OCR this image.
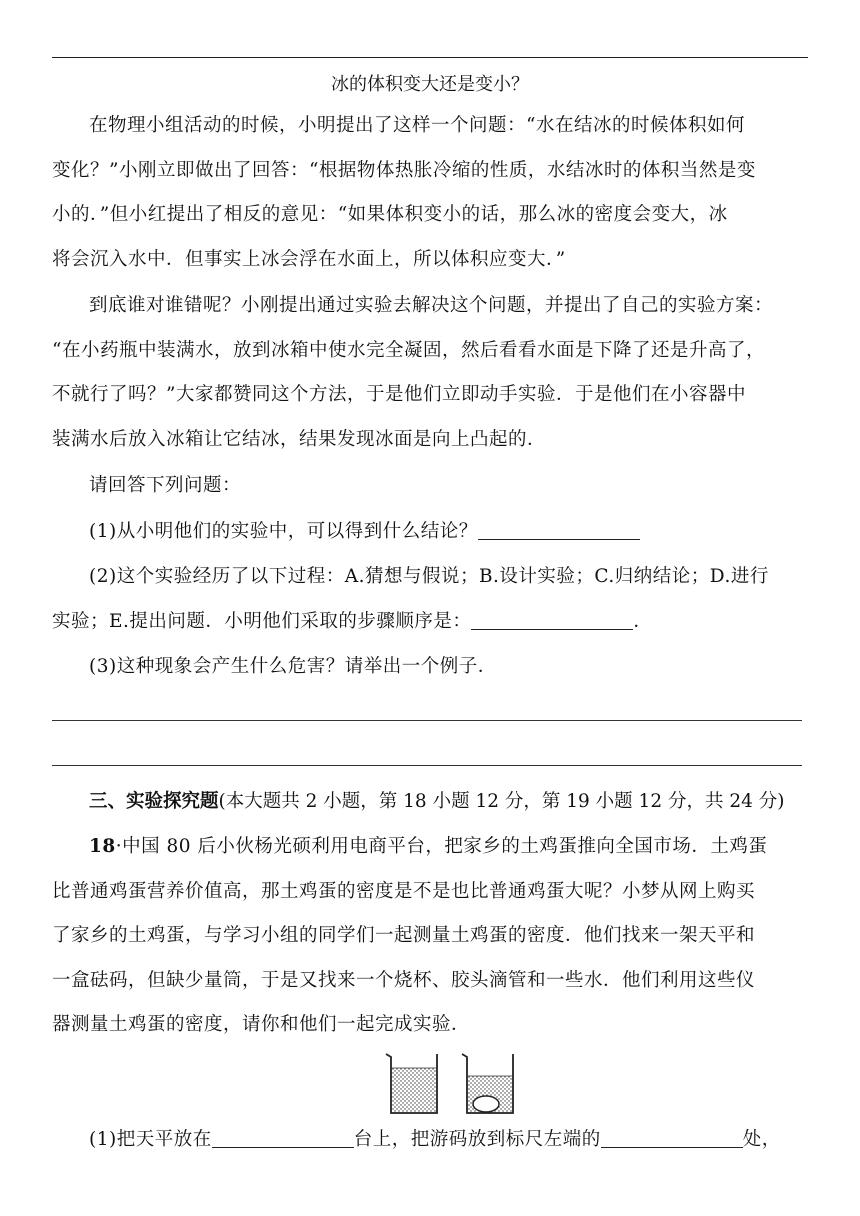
冰的体积变大还是变小？
在物理小组活动的时候，小明提出了这样一个问题：“水在结冰的时候体积如何
变化？”小刚立即做出了回答：“根据物体热胀冷缩的性质，水结冰时的体积当然是变
小的．”但小红提出了相反的意见：“如果体积变小的话，那么冰的密度会变大，冰
将会沉入水中．但事实上冰会浮在水面上，所以体积应变大．”
到底谁对谁错呢？小刚提出通过实验去解决这个问题，并提出了自己的实验方案：
“在小药瓶中装满水，放到冰箱中使水完全凝固，然后看看水面是下降了还是升高了，
不就行了吗？”大家都赞同这个方法，于是他们立即动手实验．于是他们在小容器中
装满水后放入冰箱让它结冰，结果发现冰面是向上凸起的．
请回答下列问题：
(1)从小明他们的实验中，可以得到什么结论？
(2)这个实验经历了以下过程：A.猜想与假说；B.设计实验；C.归纳结论；D.进行
实验；E.提出问题．小明他们采取的步骤顺序是：	．
(3)这种现象会产生什么危害？请举出一个例子．
三、实验探究题(本大题共 2 小题，第 18 小题 12 分，第 19 小题 12 分，共 24 分)
18·中国 80 后小伙杨光硕利用电商平台，把家乡的土鸡蛋推向全国市场．土鸡蛋
比普通鸡蛋营养价值高，那土鸡蛋的密度是不是也比普通鸡蛋大呢？小梦从网上购买
了家乡的土鸡蛋，与学习小组的同学们一起测量土鸡蛋的密度．他们找来一架天平和
一盒砝码，但缺少量筒，于是又找来一个烧杯、胶头滴管和一些水．他们利用这些仪
器测量土鸡蛋的密度，请你和他们一起完成实验．
(1)把天平放在	台上，把游码放到标尺左端的	处，
